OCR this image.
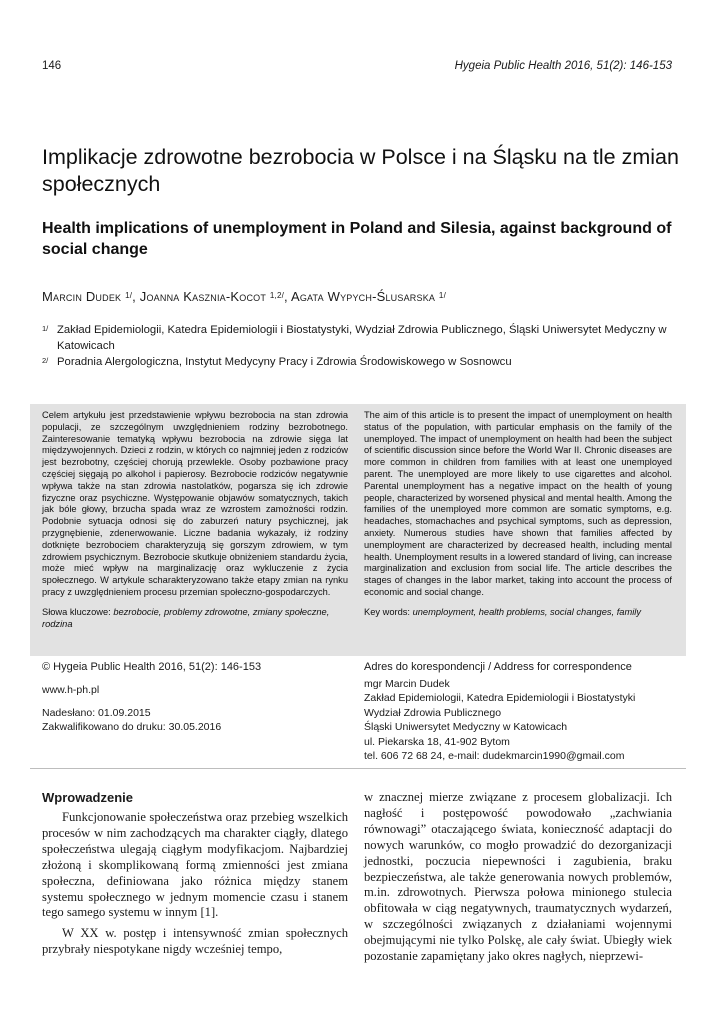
146	Hygeia Public Health 2016, 51(2): 146-153
Implikacje zdrowotne bezrobocia w Polsce i na Śląsku na tle zmian społecznych
Health implications of unemployment in Poland and Silesia, against background of social change
Marcin Dudek $^{1/}$, Joanna Kasznia-Kocot $^{1,2/}$, Agata Wypych-Ślusarska $^{1/}$
1/ Zakład Epidemiologii, Katedra Epidemiologii i Biostatystyki, Wydział Zdrowia Publicznego, Śląski Uniwersytet Medyczny w Katowicach
2/ Poradnia Alergologiczna, Instytut Medycyny Pracy i Zdrowia Środowiskowego w Sosnowcu

Celem artykułu jest przedstawienie wpływu bezrobocia na stan zdrowia populacji, ze szczególnym uwzględnieniem rodziny bezrobotnego. Zainteresowanie tematyką wpływu bezrobocia na zdrowie sięga lat międzywojennych. Dzieci z rodzin, w których co najmniej jeden z rodziców jest bezrobotny, częściej chorują przewlekle. Osoby pozbawione pracy częściej sięgają po alkohol i papierosy. Bezrobocie rodziców negatywnie wpływa także na stan zdrowia nastolatków, pogarsza się ich zdrowie fizyczne oraz psychiczne. Występowanie objawów somatycznych, takich jak bóle głowy, brzucha spada wraz ze wzrostem zamożności rodzin. Podobnie sytuacja odnosi się do zaburzeń natury psychicznej, jak przygnębienie, zdenerwowanie. Liczne badania wykazały, iż rodziny dotknięte bezrobociem charakteryzują się gorszym zdrowiem, w tym zdrowiem psychicznym. Bezrobocie skutkuje obniżeniem standardu życia, może mieć wpływ na marginalizację oraz wykluczenie z życia społecznego. W artykule scharakteryzowano także etapy zmian na rynku pracy z uwzględnieniem procesu przemian społeczno-gospodarczych.

Słowa kluczowe: bezrobocie, problemy zdrowotne, zmiany społeczne, rodzina

The aim of this article is to present the impact of unemployment on health status of the population, with particular emphasis on the family of the unemployed. The impact of unemployment on health had been the subject of scientific discussion since before the World War II. Chronic diseases are more common in children from families with at least one unemployed parent. The unemployed are more likely to use cigarettes and alcohol. Parental unemployment has a negative impact on the health of young people, characterized by worsened physical and mental health. Among the families of the unemployed more common are somatic symptoms, e.g. headaches, stomachaches and psychical symptoms, such as depression, anxiety. Numerous studies have shown that families affected by unemployment are characterized by decreased health, including mental health. Unemployment results in a lowered standard of living, can increase marginalization and exclusion from social life. The article describes the stages of changes in the labor market, taking into account the process of economic and social change.

Key words: unemployment, health problems, social changes, family

© Hygeia Public Health 2016, 51(2): 146-153
www.h-ph.pl
Nadesłano: 01.09.2015
Zakwalifikowano do druku: 30.05.2016
Adres do korespondencji / Address for correspondence
mgr Marcin Dudek
Zakład Epidemiologii, Katedra Epidemiologii i Biostatystyki
Wydział Zdrowia Publicznego
Śląski Uniwersytet Medyczny w Katowicach
ul. Piekarska 18, 41-902 Bytom
tel. 606 72 68 24, e-mail: dudekmarcin1990@gmail.com
Wprowadzenie

Funkcjonowanie społeczeństwa oraz przebieg wszelkich procesów w nim zachodzących ma charakter ciągły, dlatego społeczeństwa ulegają ciągłym modyfikacjom. Najbardziej złożoną i skomplikowaną formą zmienności jest zmiana społeczna, definiowana jako różnica między stanem systemu społecznego w jednym momencie czasu i stanem tego samego systemu w innym [1].

W XX w. postęp i intensywność zmian społecznych przybrały niespotykane nigdy wcześniej tempo,

w znacznej mierze związane z procesem globalizacji. Ich nagłość i postępowość powodowało „zachwiania równowagi” otaczającego świata, konieczność adaptacji do nowych warunków, co mogło prowadzić do dezorganizacji jednostki, poczucia niepewności i zagubienia, braku bezpieczeństwa, ale także generowania nowych problemów, m.in. zdrowotnych. Pierwsza połowa minionego stulecia obfitowała w ciąg negatywnych, traumatycznych wydarzeń, w szczególności związanych z działaniami wojennymi obejmującymi nie tylko Polskę, ale cały świat. Ubiegły wiek pozostanie zapamiętany jako okres nagłych, nieprzewi-
